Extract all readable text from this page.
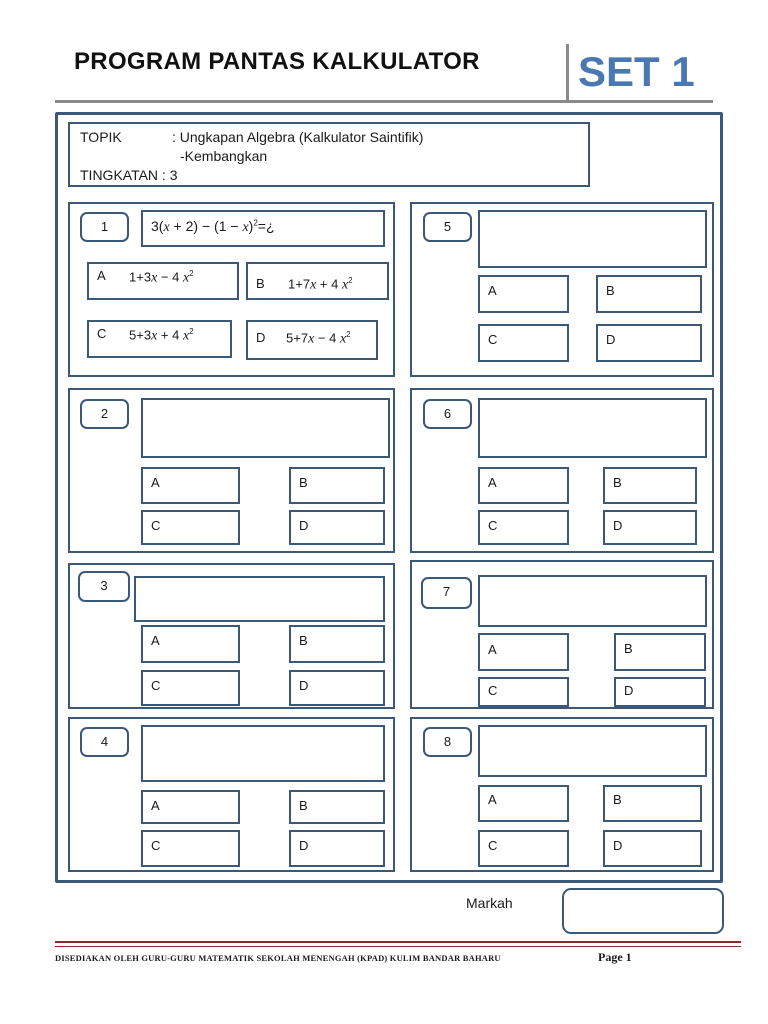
PROGRAM PANTAS KALKULATOR SET 1
TOPIK	: Ungkapan Algebra (Kalkulator Saintifik)
-Kembangkan
TINGKATAN : 3
1	$3(x + 2) - (1 - x)^2=¿$
A 1+3x − 4 $x^2$
B 1+7x + 4 $x^2$
C 5+3x + 4 $x^2$	D 5+7x − 4 $x^2$
5
A	B
C	D
2
A	B
C	D
6
A	B
C	D
3
A	B
C	D
7
A	B
C	D
4
A	B
C	D
8
A	B
C	D
Markah
DISEDIAKAN OLEH GURU-GURU MATEMATIK SEKOLAH MENENGAH (KPAD) KULIM BANDAR BAHARU	Page 1
